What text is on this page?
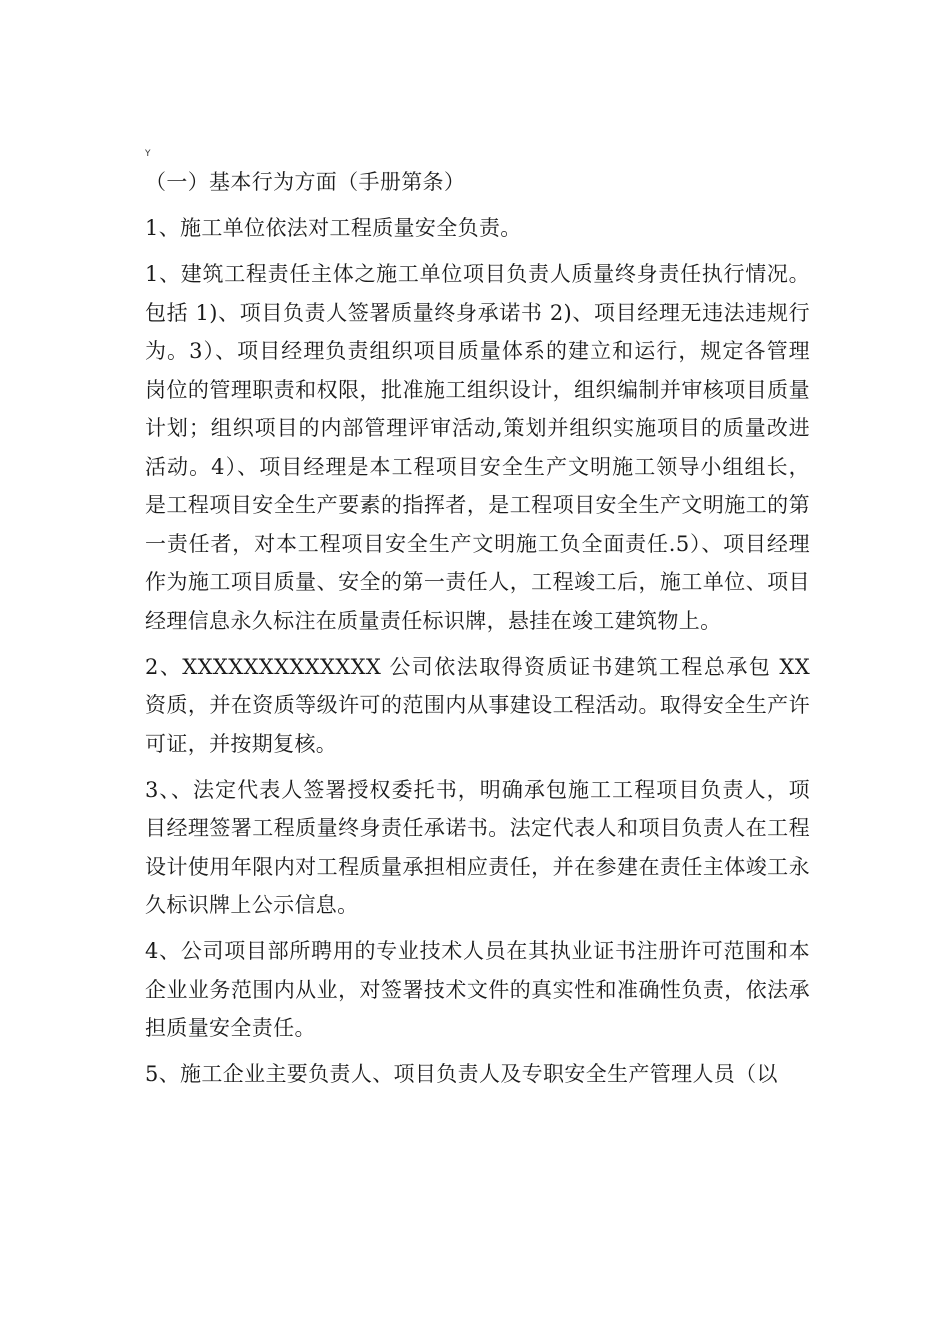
Y

（一）基本行为方面（手册第条）

1、施工单位依法对工程质量安全负责。

1、建筑工程责任主体之施工单位项目负责人质量终身责任执行情况。包括 1)、项目负责人签署质量终身承诺书 2)、项目经理无违法违规行为。3）、项目经理负责组织项目质量体系的建立和运行，规定各管理岗位的管理职责和权限，批准施工组织设计，组织编制并审核项目质量计划；组织项目的内部管理评审活动,策划并组织实施项目的质量改进活动。4）、项目经理是本工程项目安全生产文明施工领导小组组长，是工程项目安全生产要素的指挥者，是工程项目安全生产文明施工的第一责任者，对本工程项目安全生产文明施工负全面责任.5）、项目经理作为施工项目质量、安全的第一责任人，工程竣工后，施工单位、项目经理信息永久标注在质量责任标识牌，悬挂在竣工建筑物上。

2、XXXXXXXXXXXXX 公司依法取得资质证书建筑工程总承包 XX 资质，并在资质等级许可的范围内从事建设工程活动。取得安全生产许可证，并按期复核。

3、、法定代表人签署授权委托书，明确承包施工工程项目负责人，项目经理签署工程质量终身责任承诺书。法定代表人和项目负责人在工程设计使用年限内对工程质量承担相应责任，并在参建在责任主体竣工永久标识牌上公示信息。

4、公司项目部所聘用的专业技术人员在其执业证书注册许可范围和本企业业务范围内从业，对签署技术文件的真实性和准确性负责，依法承担质量安全责任。

5、施工企业主要负责人、项目负责人及专职安全生产管理人员（以
